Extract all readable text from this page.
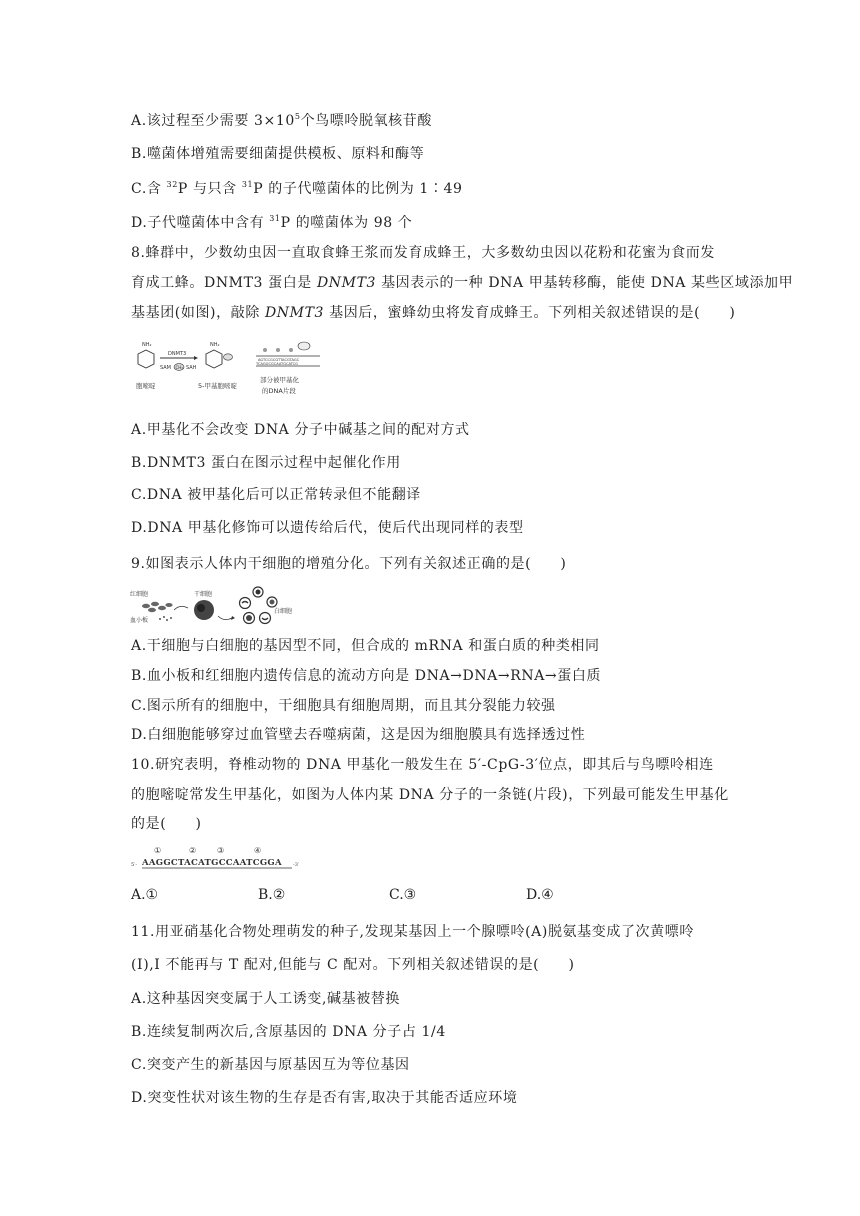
A.该过程至少需要 $3\times 10^5$个鸟嘌呤脱氧核苷酸
B.噬菌体增殖需要细菌提供模板、原料和酶等
C.含 $^{32}$P 与只含 $^{31}$P 的子代噬菌体的比例为 1∶49
D.子代噬菌体中含有 $^{31}$P 的噬菌体为 98 个
8.蜂群中，少数幼虫因一直取食蜂王浆而发育成蜂王，大多数幼虫因以花粉和花蜜为食而发
育成工蜂。DNMT3 蛋白是 DNMT3 基因表示的一种 DNA 甲基转移酶，能使 DNA 某些区域添加甲
基基团(如图)，敲除 DNMT3 基因后，蜜蜂幼虫将发育成蜂王。下列相关叙述错误的是(　　)
NH₂
胞嘧啶
DNMT3
SAM CH₃ SAH
NH₂
5-甲基胞嘧啶
AGTCCGCGTTACGTAGC
TCAGGCGCAATGCATCG
部分被甲基化
的DNA片段
A.甲基化不会改变 DNA 分子中碱基之间的配对方式
B.DNMT3 蛋白在图示过程中起催化作用
C.DNA 被甲基化后可以正常转录但不能翻译
D.DNA 甲基化修饰可以遗传给后代，使后代出现同样的表型
9.如图表示人体内干细胞的增殖分化。下列有关叙述正确的是(　　)
红细胞
血小板
干细胞
白细胞
A.干细胞与白细胞的基因型不同，但合成的 mRNA 和蛋白质的种类相同
B.血小板和红细胞内遗传信息的流动方向是 DNA→DNA→RNA→蛋白质
C.图示所有的细胞中，干细胞具有细胞周期，而且其分裂能力较强
D.白细胞能够穿过血管壁去吞噬病菌，这是因为细胞膜具有选择透过性
10.研究表明，脊椎动物的 DNA 甲基化一般发生在 5′-CpG-3′位点，即其后与鸟嘌呤相连
的胞嘧啶常发生甲基化，如图为人体内某 DNA 分子的一条链(片段)，下列最可能发生甲基化
的是(　　)
①	②	③	④
5′- AAGGCTACATGCCAATCGGA -3′
A.①	B.②	C.③	D.④
11.用亚硝基化合物处理萌发的种子,发现某基因上一个腺嘌呤(A)脱氨基变成了次黄嘌呤
(I),I 不能再与 T 配对,但能与 C 配对。下列相关叙述错误的是(　　)
A.这种基因突变属于人工诱变,碱基被替换
B.连续复制两次后,含原基因的 DNA 分子占 1/4
C.突变产生的新基因与原基因互为等位基因
D.突变性状对该生物的生存是否有害,取决于其能否适应环境
